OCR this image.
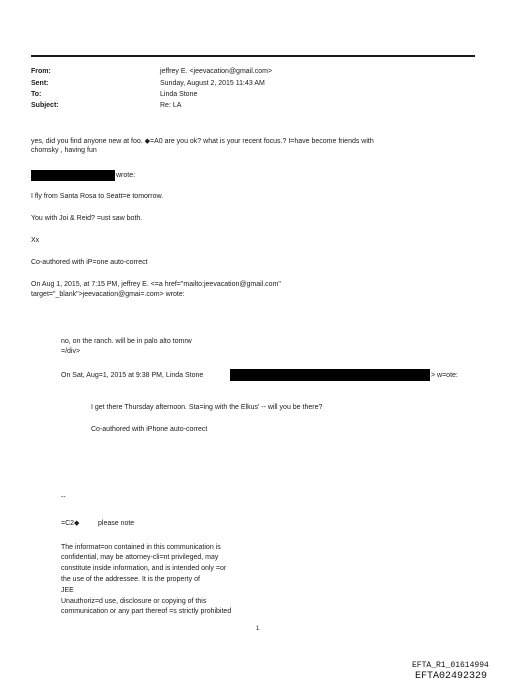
From:	jeffrey E. <jeevacation@gmail.com>
Sent:	Sunday, August 2, 2015 11:43 AM
To:	Linda Stone
Subject:	Re: LA
yes, did you find anyone new at foo. ◆=A0 are you ok? what is your recent focus.? I=have become friends with
chomsky , having fun
wrote:
I fly from Santa Rosa to Seatt=e tomorrow.
You with Joi & Reid? =ust saw both.
Xx
Co-authored with iP=one auto-correct
On Aug 1, 2015, at 7:15 PM, jeffrey E. <=a href="mailto:jeevacation@gmail.com"
target="_blank">jeevacation@gmai=.com> wrote:
no, on the ranch. will be in palo alto tomrw
=/div>
On Sat, Aug=1, 2015 at 9:38 PM, Linda Stone	> w=ote:
I get there Thursday afternoon. Sta=ing with the Elkus' -- will you be there?
Co-authored with iPhone auto-correct
--
=C2◆	please note
The informat=on contained in this communication is
confidential, may be attorney-cli=nt privileged, may
constitute inside information, and is intended only =or
the use of the addressee. It is the property of
JEE
Unauthoriz=d use, disclosure or copying of this
communication or any part thereof =s strictly prohibited
1
EFTA_R1_01614994
EFTA02492329
